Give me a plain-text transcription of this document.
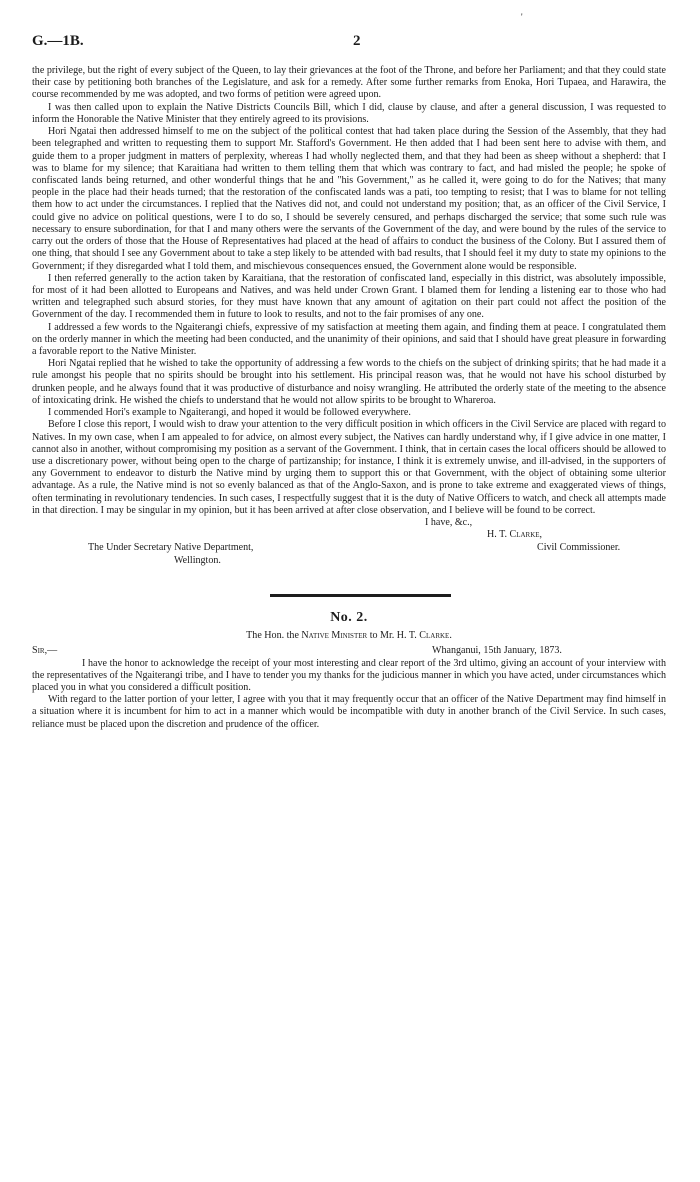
'
G.—1B.	2

the privilege, but the right of every subject of the Queen, to lay their grievances at the foot of the Throne, and before her Parliament; and that they could state their case by petitioning both branches of the Legislature, and ask for a remedy. After some further remarks from Enoka, Hori Tupaea, and Harawira, the course recommended by me was adopted, and two forms of petition were agreed upon.

I was then called upon to explain the Native Districts Councils Bill, which I did, clause by clause, and after a general discussion, I was requested to inform the Honorable the Native Minister that they entirely agreed to its provisions.

Hori Ngatai then addressed himself to me on the subject of the political contest that had taken place during the Session of the Assembly, that they had been telegraphed and written to requesting them to support Mr. Stafford's Government. He then added that I had been sent here to advise with them, and guide them to a proper judgment in matters of perplexity, whereas I had wholly neglected them, and that they had been as sheep without a shepherd: that I was to blame for my silence; that Karaitiana had written to them telling them that which was contrary to fact, and had misled the people; he spoke of confiscated lands being returned, and other wonderful things that he and "his Government," as he called it, were going to do for the Natives; that many people in the place had their heads turned; that the restoration of the confiscated lands was a pati, too tempting to resist; that I was to blame for not telling them how to act under the circumstances. I replied that the Natives did not, and could not understand my position; that, as an officer of the Civil Service, I could give no advice on political questions, were I to do so, I should be severely censured, and perhaps discharged the service; that some such rule was necessary to ensure subordination, for that I and many others were the servants of the Government of the day, and were bound by the rules of the service to carry out the orders of those that the House of Representatives had placed at the head of affairs to conduct the business of the Colony. But I assured them of one thing, that should I see any Government about to take a step likely to be attended with bad results, that I should feel it my duty to state my opinions to the Government; if they disregarded what I told them, and mischievous consequences ensued, the Government alone would be responsible.

I then referred generally to the action taken by Karaitiana, that the restoration of confiscated land, especially in this district, was absolutely impossible, for most of it had been allotted to Europeans and Natives, and was held under Crown Grant. I blamed them for lending a listening ear to those who had written and telegraphed such absurd stories, for they must have known that any amount of agitation on their part could not affect the position of the Government of the day. I recommended them in future to look to results, and not to the fair promises of any one.

I addressed a few words to the Ngaiterangi chiefs, expressive of my satisfaction at meeting them again, and finding them at peace. I congratulated them on the orderly manner in which the meeting had been conducted, and the unanimity of their opinions, and said that I should have great pleasure in forwarding a favorable report to the Native Minister.

Hori Ngatai replied that he wished to take the opportunity of addressing a few words to the chiefs on the subject of drinking spirits; that he had made it a rule amongst his people that no spirits should be brought into his settlement. His principal reason was, that he would not have his school disturbed by drunken people, and he always found that it was productive of disturbance and noisy wrangling. He attributed the orderly state of the meeting to the absence of intoxicating drink. He wished the chiefs to understand that he would not allow spirits to be brought to Whareroa.

I commended Hori's example to Ngaiterangi, and hoped it would be followed everywhere.

Before I close this report, I would wish to draw your attention to the very difficult position in which officers in the Civil Service are placed with regard to Natives. In my own case, when I am appealed to for advice, on almost every subject, the Natives can hardly understand why, if I give advice in one matter, I cannot also in another, without compromising my position as a servant of the Government. I think, that in certain cases the local officers should be allowed to use a discretionary power, without being open to the charge of partizanship; for instance, I think it is extremely unwise, and ill-advised, in the supporters of any Government to endeavor to disturb the Native mind by urging them to support this or that Government, with the object of obtaining some ulterior advantage. As a rule, the Native mind is not so evenly balanced as that of the Anglo-Saxon, and is prone to take extreme and exaggerated views of things, often terminating in revolutionary tendencies. In such cases, I respectfully suggest that it is the duty of Native Officers to watch, and check all attempts made in that direction. I may be singular in my opinion, but it has been arrived at after close observation, and I believe will be found to be correct.

I have, &c.,
H. T. Clarke,
Civil Commissioner.
The Under Secretary Native Department,
Wellington.
No. 2.
The Hon. the Native Minister to Mr. H. T. Clarke.
Sir,—	Whanganui, 15th January, 1873.

I have the honor to acknowledge the receipt of your most interesting and clear report of the 3rd ultimo, giving an account of your interview with the representatives of the Ngaiterangi tribe, and I have to tender you my thanks for the judicious manner in which you have acted, under circumstances which placed you in what you considered a difficult position.

With regard to the latter portion of your letter, I agree with you that it may frequently occur that an officer of the Native Department may find himself in a situation where it is incumbent for him to act in a manner which would be incompatible with duty in another branch of the Civil Service. In such cases, reliance must be placed upon the discretion and prudence of the officer.
